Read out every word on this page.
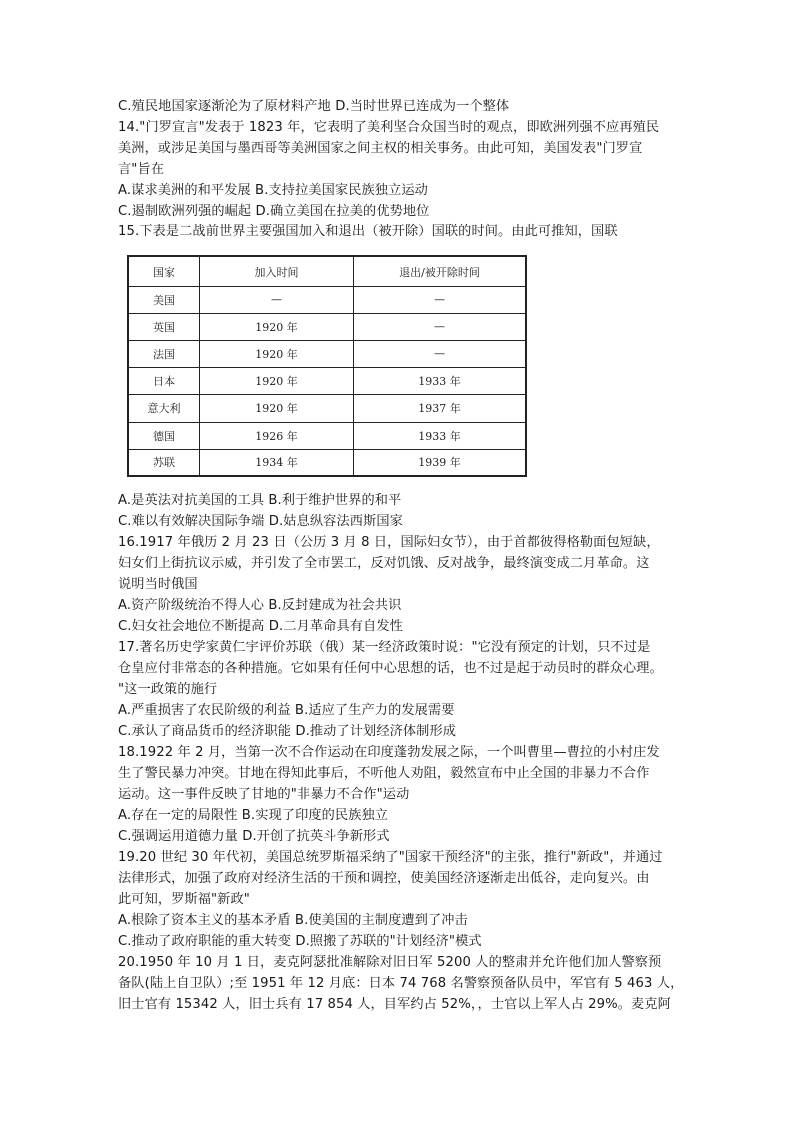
C.殖民地国家逐渐沦为了原材料产地 D.当时世界已连成为一个整体
14."门罗宣言"发表于 1823 年，它表明了美利坚合众国当时的观点，即欧洲列强不应再殖民
美洲，或涉足美国与墨西哥等美洲国家之间主权的相关事务。由此可知，美国发表"门罗宣
言"旨在
A.谋求美洲的和平发展 B.支持拉美国家民族独立运动
C.遏制欧洲列强的崛起 D.确立美国在拉美的优势地位
15.下表是二战前世界主要强国加入和退出（被开除）国联的时间。由此可推知，国联
国家	加入时间	退出/被开除时间
美国	—	—
英国	1920 年	—
法国	1920 年	—
日本	1920 年	1933 年
意大利	1920 年	1937 年
德国	1926 年	1933 年
苏联	1934 年	1939 年
A.是英法对抗美国的工具 B.利于维护世界的和平
C.难以有效解决国际争端 D.姑息纵容法西斯国家
16.1917 年俄历 2 月 23 日（公历 3 月 8 日，国际妇女节），由于首都彼得格勒面包短缺，
妇女们上街抗议示威，并引发了全市罢工，反对饥饿、反对战争，最终演变成二月革命。这
说明当时俄国
A.资产阶级统治不得人心 B.反封建成为社会共识
C.妇女社会地位不断提高 D.二月革命具有自发性
17.著名历史学家黄仁宇评价苏联（俄）某一经济政策时说："它没有预定的计划，只不过是
仓皇应付非常态的各种措施。它如果有任何中心思想的话，也不过是起于动员时的群众心理。
"这一政策的施行
A.严重损害了农民阶级的利益 B.适应了生产力的发展需要
C.承认了商品货币的经济职能 D.推动了计划经济体制形成
18.1922 年 2 月，当第一次不合作运动在印度蓬勃发展之际，一个叫曹里—曹拉的小村庄发
生了警民暴力冲突。甘地在得知此事后，不听他人劝阻，毅然宣布中止全国的非暴力不合作
运动。这一事件反映了甘地的"非暴力不合作"运动
A.存在一定的局限性 B.实现了印度的民族独立
C.强调运用道德力量 D.开创了抗英斗争新形式
19.20 世纪 30 年代初，美国总统罗斯福采纳了"国家干预经济"的主张，推行"新政"，并通过
法律形式，加强了政府对经济生活的干预和调控，使美国经济逐渐走出低谷，走向复兴。由
此可知，罗斯福"新政"
A.根除了资本主义的基本矛盾 B.使美国的主制度遭到了冲击
C.推动了政府职能的重大转变 D.照搬了苏联的"计划经济"模式
20.1950 年 10 月 1 日，麦克阿瑟批准解除对旧日军 5200 人的整肃并允许他们加人警察预
备队(陆上自卫队）;至 1951 年 12 月底：日本 74 768 名警察预备队员中，军官有 5 463 人，
旧士官有 15342 人，旧士兵有 17 854 人，目军约占 52%，，士官以上军人占 29%。麦克阿
